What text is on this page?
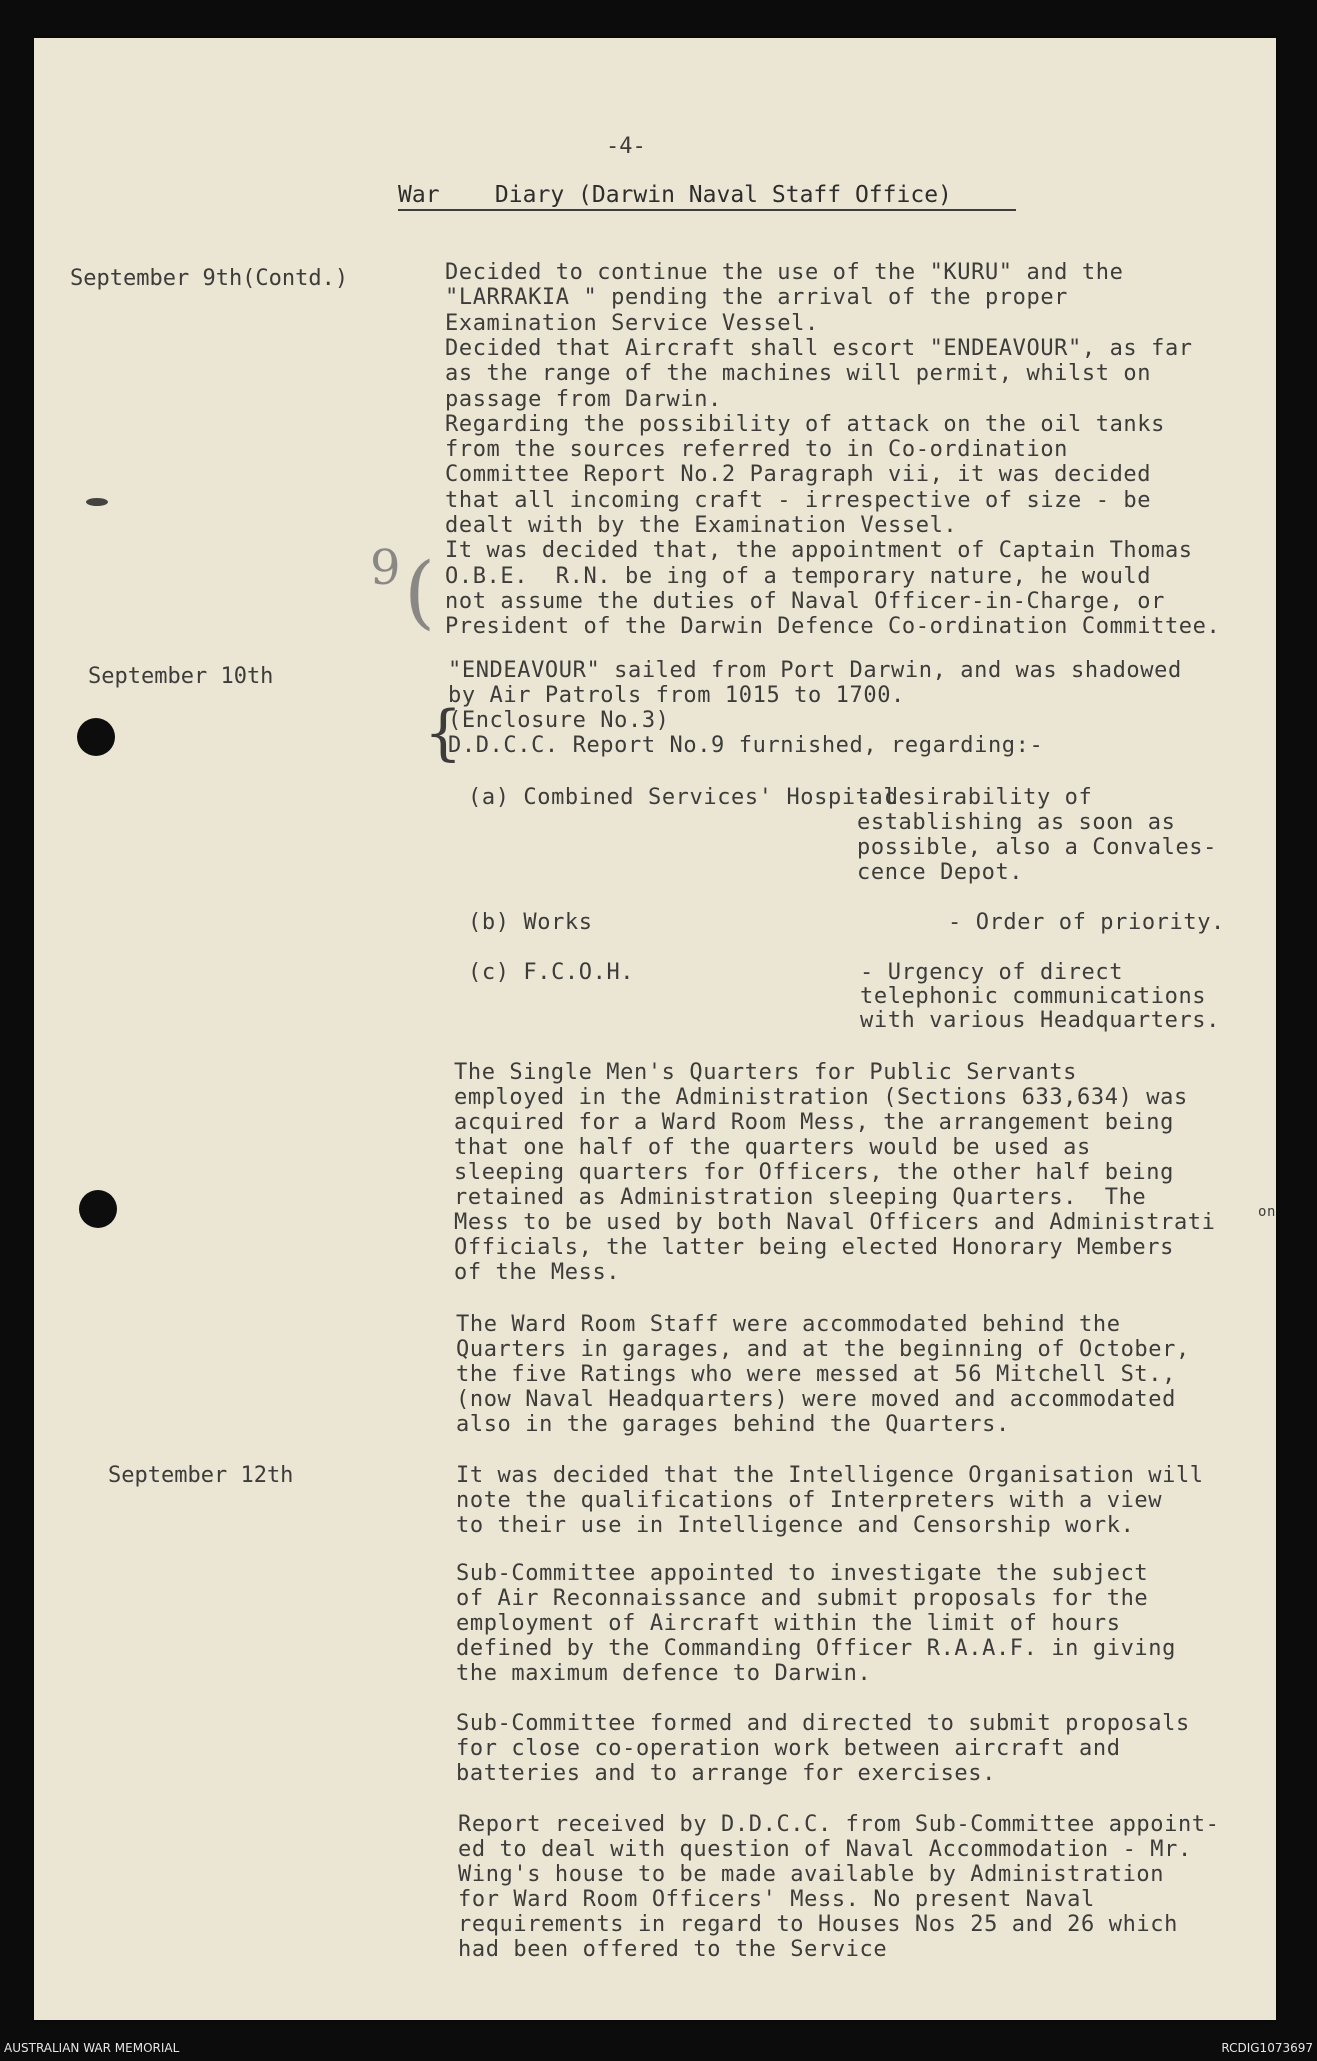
-4-
War    Diary (Darwin Naval Staff Office)
September 9th(Contd.)
September 10th
September 12th
9 (
{
Decided to continue the use of the "KURU" and the
"LARRAKIA " pending the arrival of the proper
Examination Service Vessel.
Decided that Aircraft shall escort "ENDEAVOUR", as far
as the range of the machines will permit, whilst on
passage from Darwin.
Regarding the possibility of attack on the oil tanks
from the sources referred to in Co-ordination
Committee Report No.2 Paragraph vii, it was decided
that all incoming craft - irrespective of size - be
dealt with by the Examination Vessel.
It was decided that, the appointment of Captain Thomas
O.B.E.  R.N. be ing of a temporary nature, he would
not assume the duties of Naval Officer-in-Charge, or
President of the Darwin Defence Co-ordination Committee.
"ENDEAVOUR" sailed from Port Darwin, and was shadowed
by Air Patrols from 1015 to 1700.
(Enclosure No.3)
D.D.C.C. Report No.9 furnished, regarding:-
(a) Combined Services' Hospital
- desirability of
establishing as soon as
possible, also a Convales-
cence Depot.
(b) Works	- Order of priority.
(c) F.C.O.H.	- Urgency of direct
telephonic communications
with various Headquarters.
The Single Men's Quarters for Public Servants
employed in the Administration (Sections 633,634) was
acquired for a Ward Room Mess, the arrangement being
that one half of the quarters would be used as
sleeping quarters for Officers, the other half being
retained as Administration sleeping Quarters.  The
Mess to be used by both Naval Officers and Administrati
Officials, the latter being elected Honorary Members
of the Mess.
on
The Ward Room Staff were accommodated behind the
Quarters in garages, and at the beginning of October,
the five Ratings who were messed at 56 Mitchell St.,
(now Naval Headquarters) were moved and accommodated
also in the garages behind the Quarters.
It was decided that the Intelligence Organisation will
note the qualifications of Interpreters with a view
to their use in Intelligence and Censorship work.
Sub-Committee appointed to investigate the subject
of Air Reconnaissance and submit proposals for the
employment of Aircraft within the limit of hours
defined by the Commanding Officer R.A.A.F. in giving
the maximum defence to Darwin.
Sub-Committee formed and directed to submit proposals
for close co-operation work between aircraft and
batteries and to arrange for exercises.
Report received by D.D.C.C. from Sub-Committee appoint-
ed to deal with question of Naval Accommodation - Mr.
Wing's house to be made available by Administration
for Ward Room Officers' Mess. No present Naval
requirements in regard to Houses Nos 25 and 26 which
had been offered to the Service
AUSTRALIAN WAR MEMORIAL	RCDIG1073697
